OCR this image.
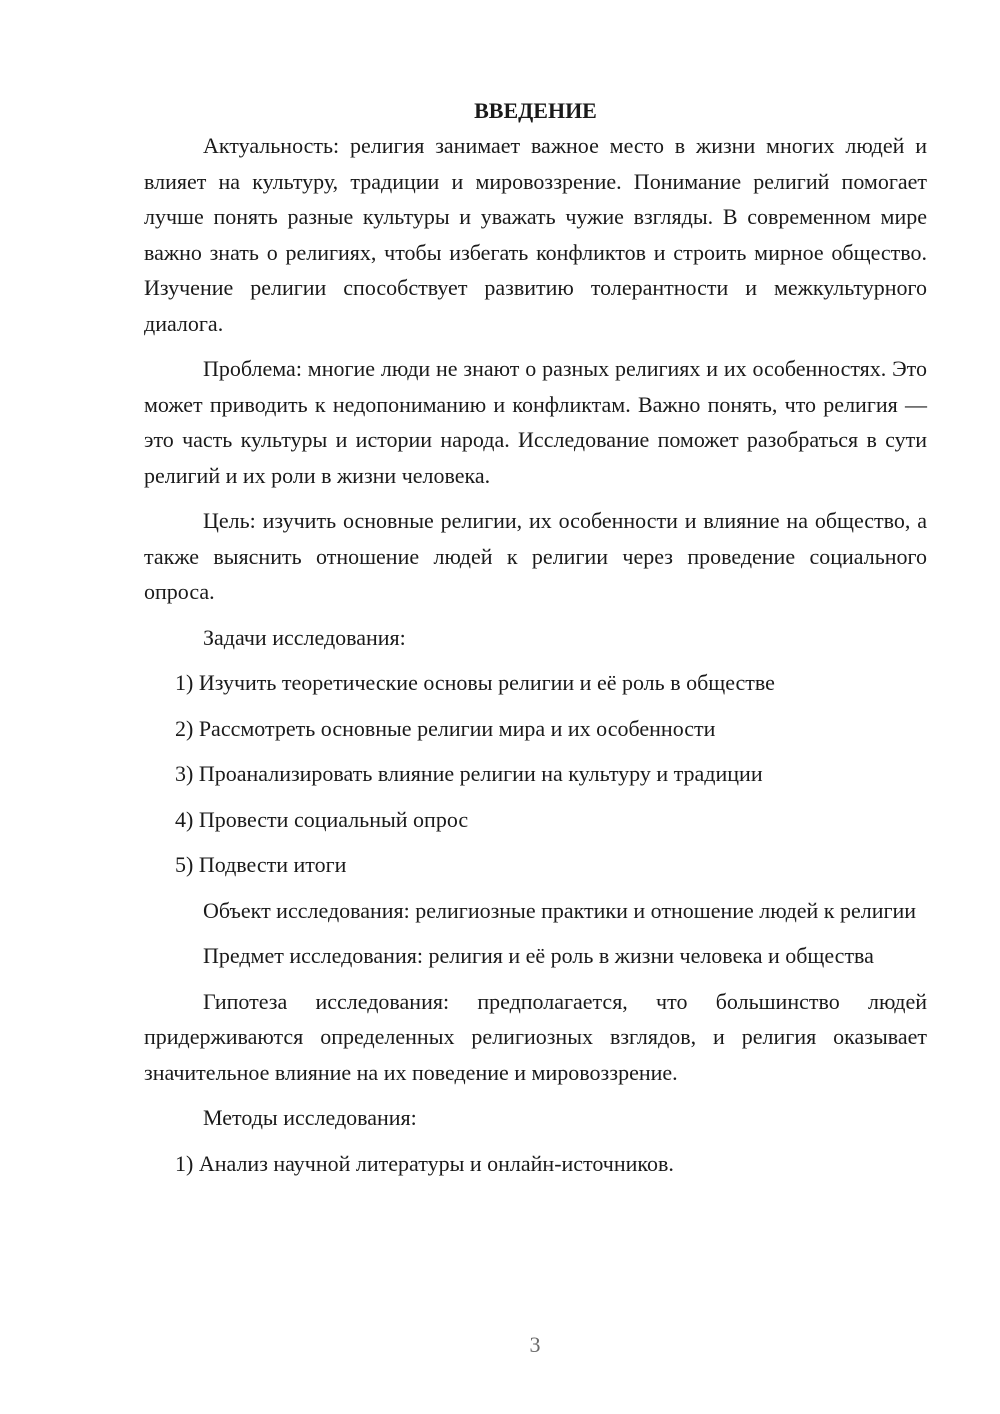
ВВЕДЕНИЕ

Актуальность: религия занимает важное место в жизни многих людей и влияет на культуру, традиции и мировоззрение. Понимание религий помогает лучше понять разные культуры и уважать чужие взгляды. В современном мире важно знать о религиях, чтобы избегать конфликтов и строить мирное общество. Изучение религии способствует развитию толерантности и межкультурного диалога.

Проблема: многие люди не знают о разных религиях и их особенностях. Это может приводить к недопониманию и конфликтам. Важно понять, что религия — это часть культуры и истории народа. Исследование поможет разобраться в сути религий и их роли в жизни человека.

Цель: изучить основные религии, их особенности и влияние на общество, а также выяснить отношение людей к религии через проведение социального опроса.

Задачи исследования:

1) Изучить теоретические основы религии и её роль в обществе
2) Рассмотреть основные религии мира и их особенности
3) Проанализировать влияние религии на культуру и традиции
4) Провести социальный опрос
5) Подвести итоги

Объект исследования: религиозные практики и отношение людей к религии

Предмет исследования: религия и её роль в жизни человека и общества

Гипотеза исследования: предполагается, что большинство людей придерживаются определенных религиозных взглядов, и религия оказывает значительное влияние на их поведение и мировоззрение.

Методы исследования:

1) Анализ научной литературы и онлайн-источников.
3
